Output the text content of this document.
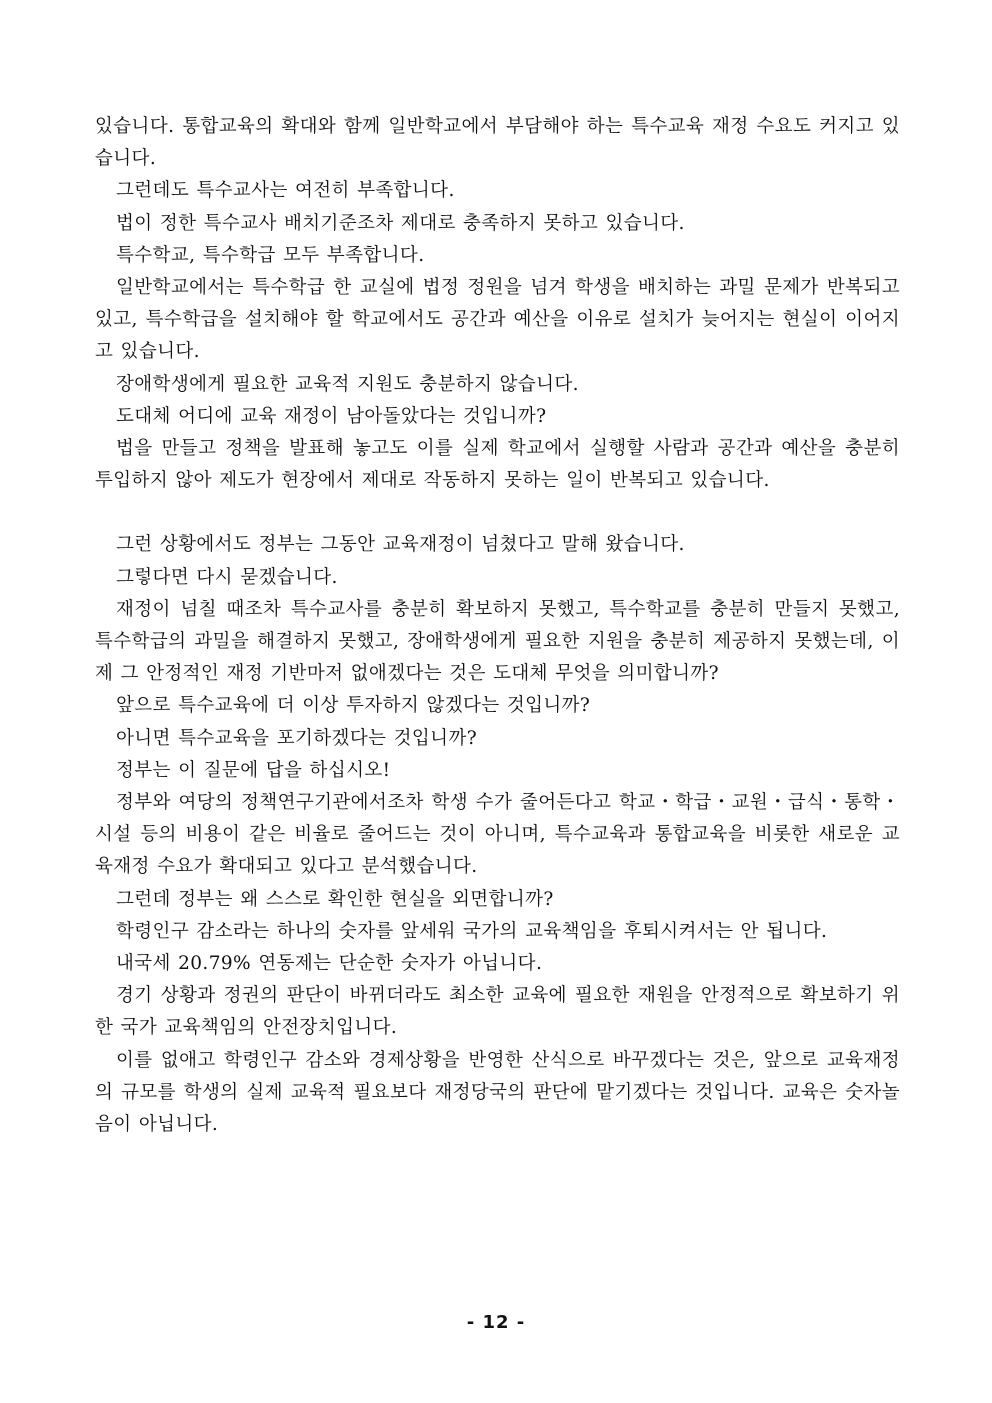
있습니다. 통합교육의 확대와 함께 일반학교에서 부담해야 하는 특수교육 재정 수요도 커지고 있습니다.

그런데도 특수교사는 여전히 부족합니다.

법이 정한 특수교사 배치기준조차 제대로 충족하지 못하고 있습니다.

특수학교, 특수학급 모두 부족합니다.

일반학교에서는 특수학급 한 교실에 법정 정원을 넘겨 학생을 배치하는 과밀 문제가 반복되고 있고, 특수학급을 설치해야 할 학교에서도 공간과 예산을 이유로 설치가 늦어지는 현실이 이어지고 있습니다.

장애학생에게 필요한 교육적 지원도 충분하지 않습니다.

도대체 어디에 교육 재정이 남아돌았다는 것입니까?

법을 만들고 정책을 발표해 놓고도 이를 실제 학교에서 실행할 사람과 공간과 예산을 충분히 투입하지 않아 제도가 현장에서 제대로 작동하지 못하는 일이 반복되고 있습니다.

그런 상황에서도 정부는 그동안 교육재정이 넘쳤다고 말해 왔습니다.

그렇다면 다시 묻겠습니다.

재정이 넘칠 때조차 특수교사를 충분히 확보하지 못했고, 특수학교를 충분히 만들지 못했고, 특수학급의 과밀을 해결하지 못했고, 장애학생에게 필요한 지원을 충분히 제공하지 못했는데, 이제 그 안정적인 재정 기반마저 없애겠다는 것은 도대체 무엇을 의미합니까?

앞으로 특수교육에 더 이상 투자하지 않겠다는 것입니까?

아니면 특수교육을 포기하겠다는 것입니까?

정부는 이 질문에 답을 하십시오!

정부와 여당의 정책연구기관에서조차 학생 수가 줄어든다고 학교・학급・교원・급식・통학・시설 등의 비용이 같은 비율로 줄어드는 것이 아니며, 특수교육과 통합교육을 비롯한 새로운 교육재정 수요가 확대되고 있다고 분석했습니다.

그런데 정부는 왜 스스로 확인한 현실을 외면합니까?

학령인구 감소라는 하나의 숫자를 앞세워 국가의 교육책임을 후퇴시켜서는 안 됩니다.

내국세 20.79% 연동제는 단순한 숫자가 아닙니다.

경기 상황과 정권의 판단이 바뀌더라도 최소한 교육에 필요한 재원을 안정적으로 확보하기 위한 국가 교육책임의 안전장치입니다.

이를 없애고 학령인구 감소와 경제상황을 반영한 산식으로 바꾸겠다는 것은, 앞으로 교육재정의 규모를 학생의 실제 교육적 필요보다 재정당국의 판단에 맡기겠다는 것입니다. 교육은 숫자놀음이 아닙니다.

- 12 -
